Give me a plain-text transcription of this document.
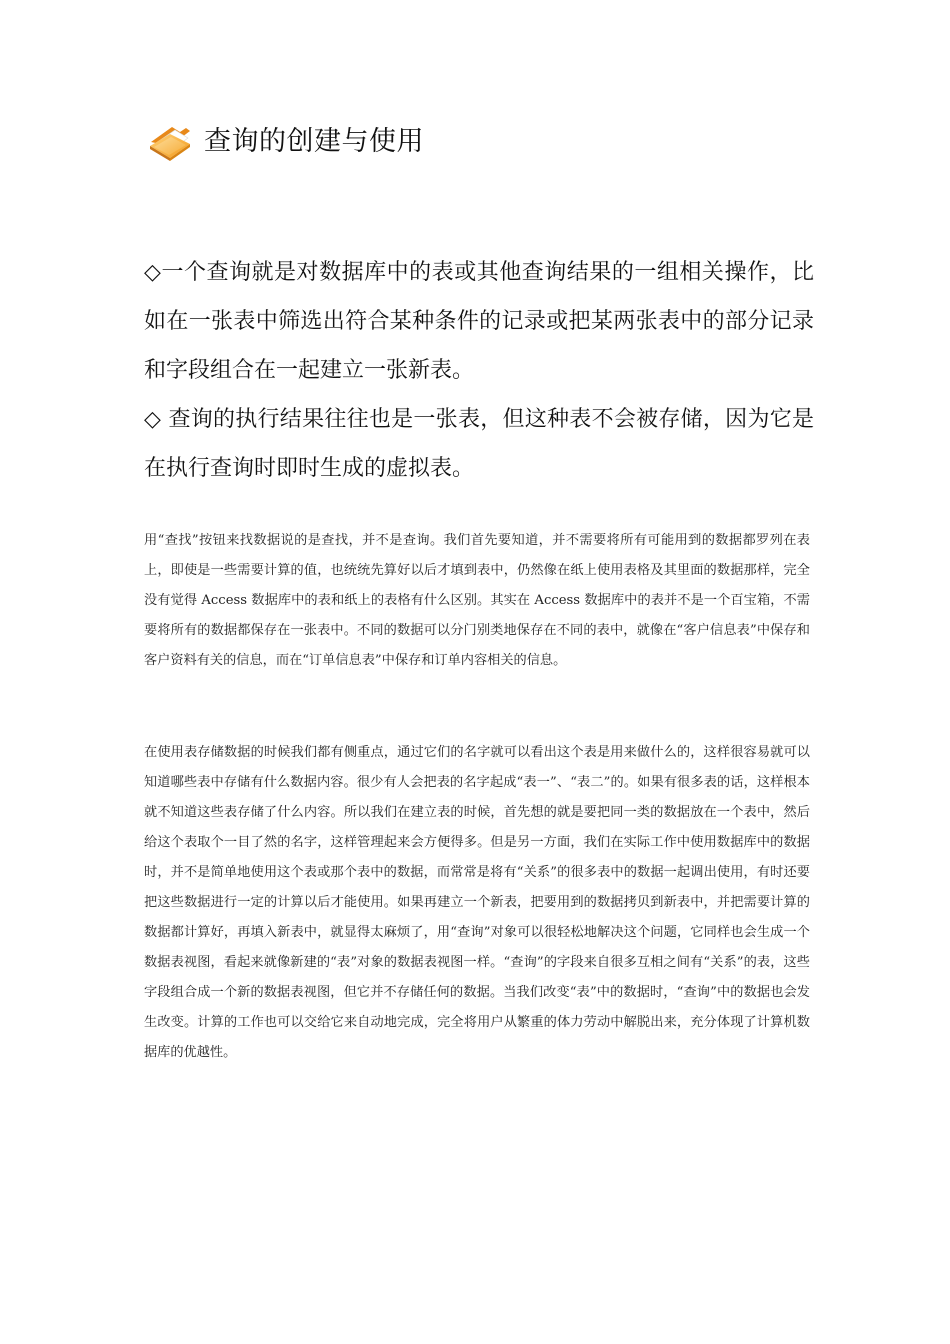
查询的创建与使用

◇一个查询就是对数据库中的表或其他查询结果的一组相关操作，比如在一张表中筛选出符合某种条件的记录或把某两张表中的部分记录和字段组合在一起建立一张新表。

◇ 查询的执行结果往往也是一张表，但这种表不会被存储，因为它是在执行查询时即时生成的虚拟表。

用“查找”按钮来找数据说的是查找，并不是查询。我们首先要知道，并不需要将所有可能用到的数据都罗列在表上，即使是一些需要计算的值，也统统先算好以后才填到表中，仍然像在纸上使用表格及其里面的数据那样，完全没有觉得 Access 数据库中的表和纸上的表格有什么区别。其实在 Access 数据库中的表并不是一个百宝箱，不需要将所有的数据都保存在一张表中。不同的数据可以分门别类地保存在不同的表中，就像在“客户信息表”中保存和客户资料有关的信息，而在“订单信息表”中保存和订单内容相关的信息。

在使用表存储数据的时候我们都有侧重点，通过它们的名字就可以看出这个表是用来做什么的，这样很容易就可以知道哪些表中存储有什么数据内容。很少有人会把表的名字起成“表一”、“表二”的。如果有很多表的话，这样根本就不知道这些表存储了什么内容。所以我们在建立表的时候，首先想的就是要把同一类的数据放在一个表中，然后给这个表取个一目了然的名字，这样管理起来会方便得多。但是另一方面，我们在实际工作中使用数据库中的数据时，并不是简单地使用这个表或那个表中的数据，而常常是将有“关系”的很多表中的数据一起调出使用，有时还要把这些数据进行一定的计算以后才能使用。如果再建立一个新表，把要用到的数据拷贝到新表中，并把需要计算的数据都计算好，再填入新表中，就显得太麻烦了，用“查询”对象可以很轻松地解决这个问题，它同样也会生成一个数据表视图，看起来就像新建的“表”对象的数据表视图一样。“查询”的字段来自很多互相之间有“关系”的表，这些字段组合成一个新的数据表视图，但它并不存储任何的数据。当我们改变“表”中的数据时，“查询”中的数据也会发生改变。计算的工作也可以交给它来自动地完成，完全将用户从繁重的体力劳动中解脱出来，充分体现了计算机数据库的优越性。
